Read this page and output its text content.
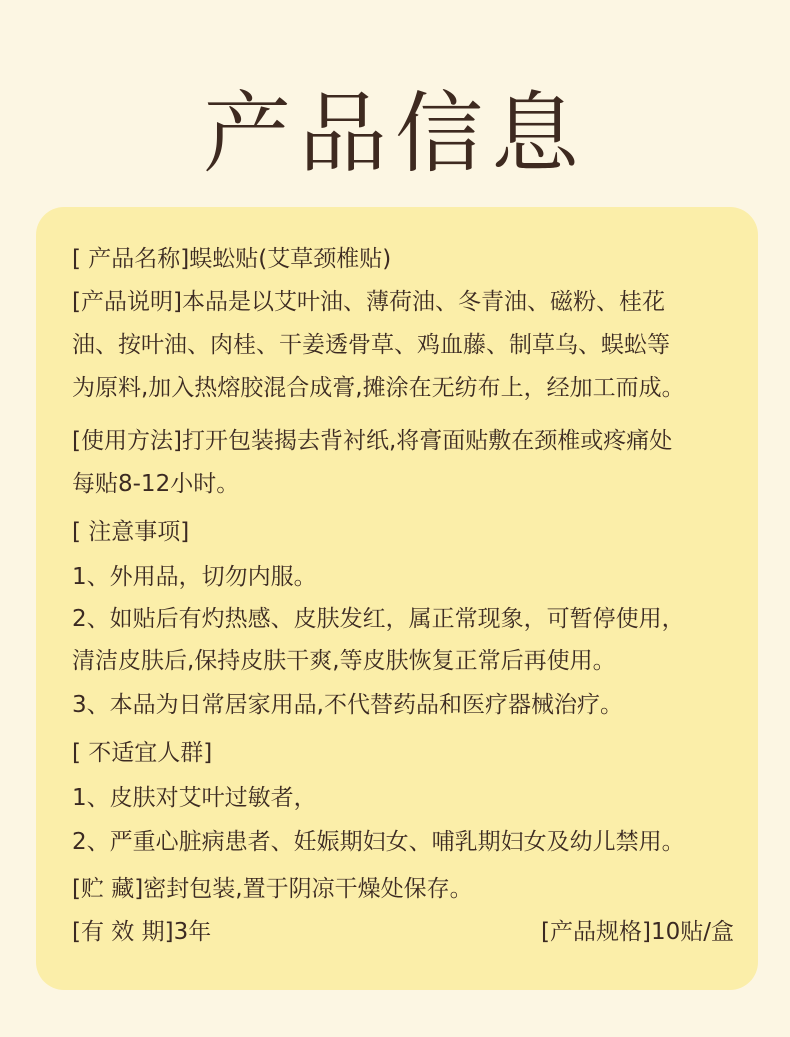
产品信息
[ 产品名称]蜈蚣贴(艾草颈椎贴)
[产品说明]本品是以艾叶油、薄荷油、冬青油、磁粉、桂花
油、按叶油、肉桂、干姜透骨草、鸡血藤、制草乌、蜈蚣等
为原料,加入热熔胶混合成膏,摊涂在无纺布上，经加工而成。
[使用方法]打开包装揭去背衬纸,将膏面贴敷在颈椎或疼痛处
每贴8-12小时。
[ 注意事项]
1、外用品，切勿内服。
2、如贴后有灼热感、皮肤发红，属正常现象，可暂停使用，
清洁皮肤后,保持皮肤干爽,等皮肤恢复正常后再使用。
3、本品为日常居家用品,不代替药品和医疗器械治疗。
[ 不适宜人群]
1、皮肤对艾叶过敏者，
2、严重心脏病患者、妊娠期妇女、哺乳期妇女及幼儿禁用。
[贮 藏]密封包装,置于阴凉干燥处保存。
[有 效 期]3年	[产品规格]10贴/盒
